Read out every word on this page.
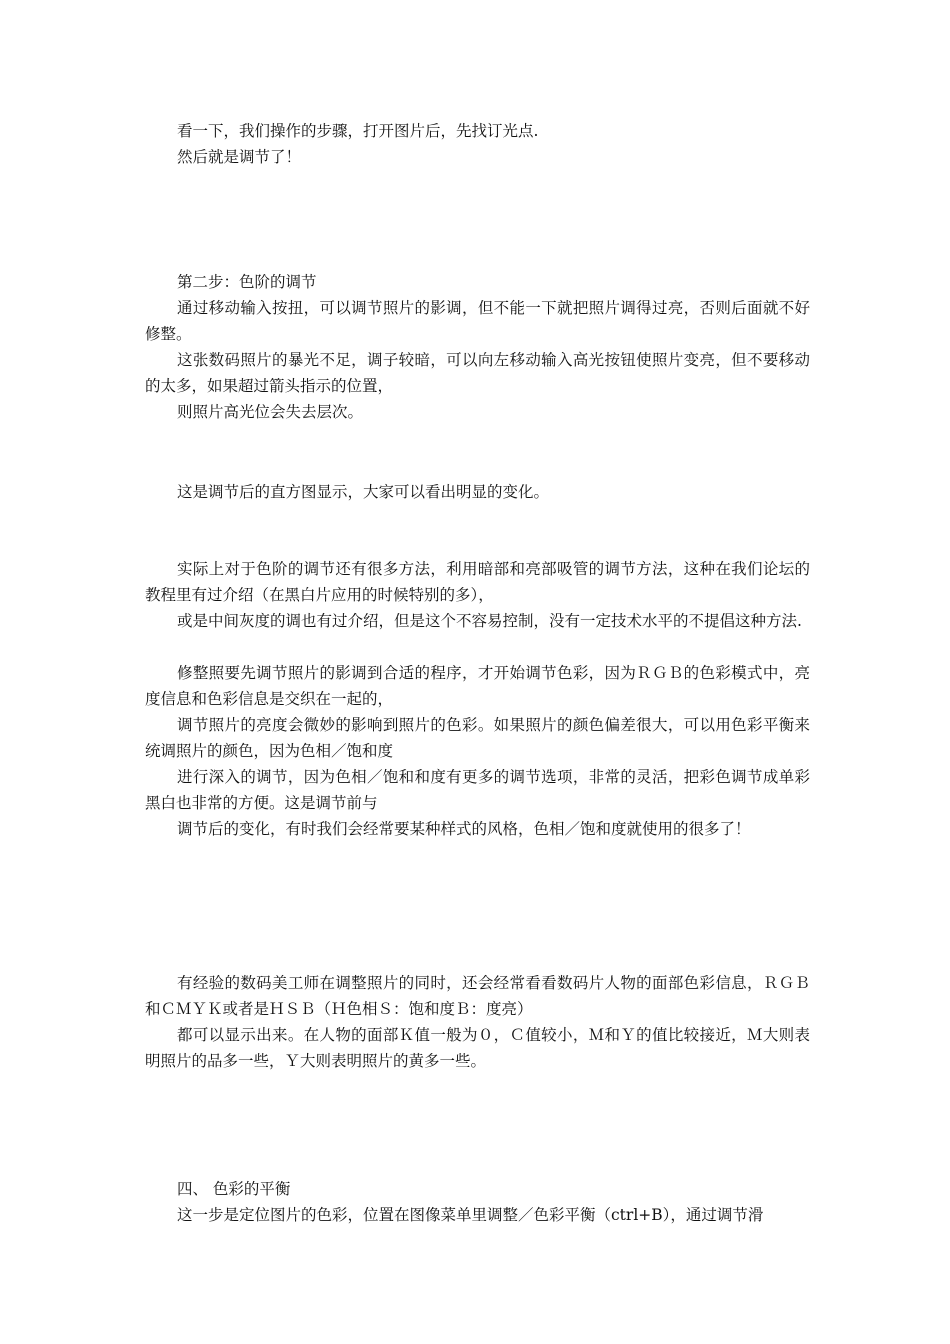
看一下，我们操作的步骤，打开图片后，先找订光点.

然后就是调节了！

第二步：色阶的调节

通过移动输入按扭，可以调节照片的影调，但不能一下就把照片调得过亮，否则后面就不好修整。

这张数码照片的暴光不足，调子较暗，可以向左移动输入高光按钮使照片变亮，但不要移动的太多，如果超过箭头指示的位置，

则照片高光位会失去层次。

这是调节后的直方图显示，大家可以看出明显的变化。

实际上对于色阶的调节还有很多方法，利用暗部和亮部吸管的调节方法，这种在我们论坛的教程里有过介绍（在黑白片应用的时候特别的多），

或是中间灰度的调也有过介绍，但是这个不容易控制，没有一定技术水平的不提倡这种方法.

修整照要先调节照片的影调到合适的程序，才开始调节色彩，因为ＲＧＢ的色彩模式中，亮度信息和色彩信息是交织在一起的，

调节照片的亮度会微妙的影响到照片的色彩。如果照片的颜色偏差很大，可以用色彩平衡来统调照片的颜色，因为色相／饱和度

进行深入的调节，因为色相／饱和和度有更多的调节选项，非常的灵活，把彩色调节成单彩黑白也非常的方便。这是调节前与

调节后的变化，有时我们会经常要某种样式的风格，色相／饱和度就使用的很多了！

有经验的数码美工师在调整照片的同时，还会经常看看数码片人物的面部色彩信息，ＲＧＢ和ＣＭＹＫ或者是ＨＳＢ（Ｈ色相Ｓ：饱和度Ｂ：度亮）

都可以显示出来。在人物的面部Ｋ值一般为０，Ｃ值较小，Ｍ和Ｙ的值比较接近，Ｍ大则表明照片的品多一些，Ｙ大则表明照片的黄多一些。

四、 色彩的平衡

这一步是定位图片的色彩，位置在图像菜单里调整／色彩平衡（ctrl+B），通过调节滑
